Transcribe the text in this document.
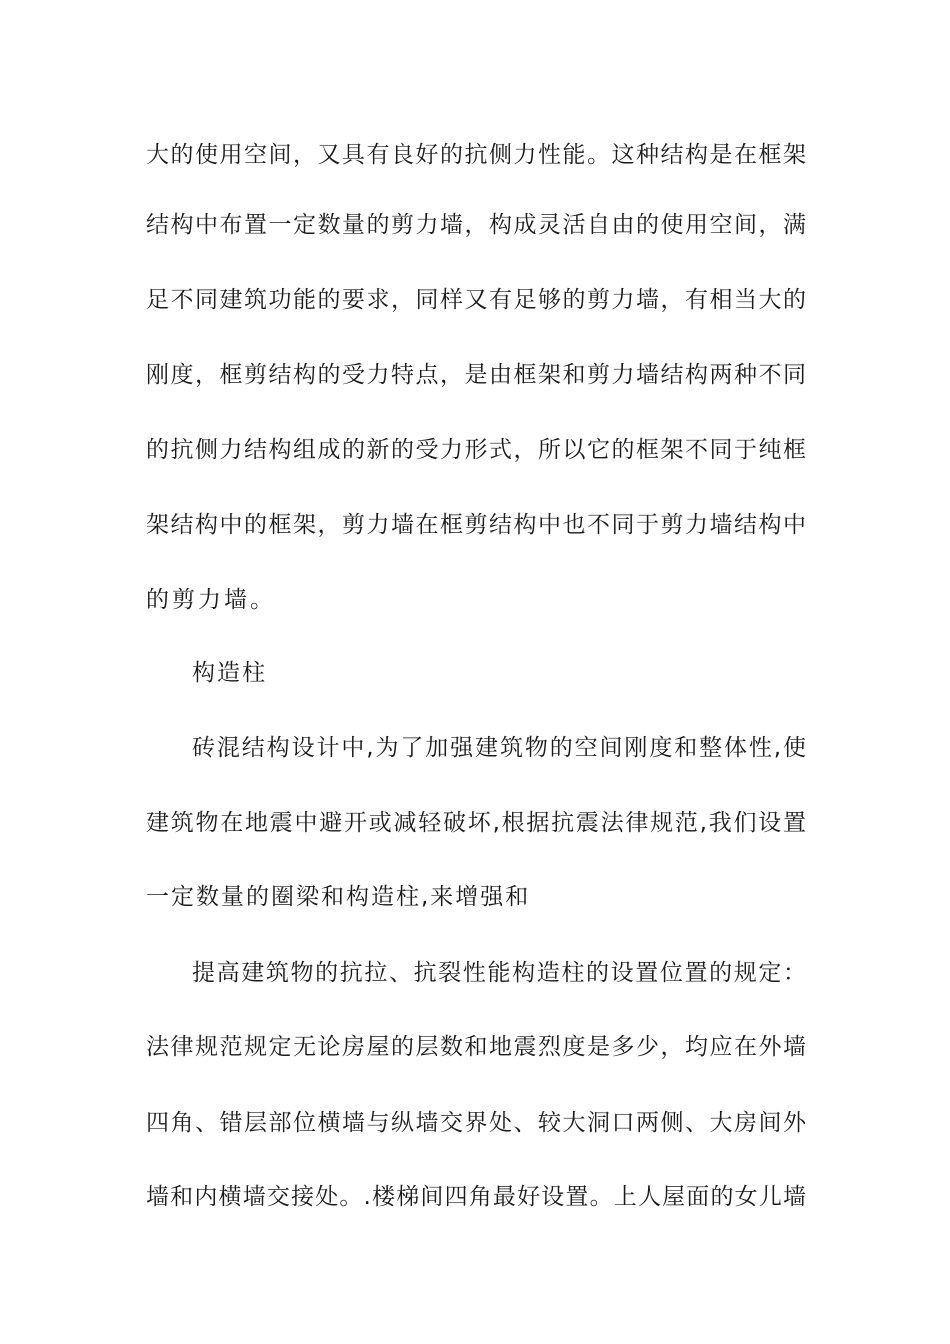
大的使用空间，又具有良好的抗侧力性能。这种结构是在框架
结构中布置一定数量的剪力墙，构成灵活自由的使用空间，满
足不同建筑功能的要求，同样又有足够的剪力墙，有相当大的
刚度，框剪结构的受力特点，是由框架和剪力墙结构两种不同
的抗侧力结构组成的新的受力形式，所以它的框架不同于纯框
架结构中的框架，剪力墙在框剪结构中也不同于剪力墙结构中
的剪力墙。
构造柱
砖混结构设计中,为了加强建筑物的空间刚度和整体性,使
建筑物在地震中避开或减轻破坏,根据抗震法律规范,我们设置
一定数量的圈梁和构造柱,来增强和
提高建筑物的抗拉、抗裂性能构造柱的设置位置的规定：
法律规范规定无论房屋的层数和地震烈度是多少，均应在外墙
四角、错层部位横墙与纵墙交界处、较大洞口两侧、大房间外
墙和内横墙交接处。.楼梯间四角最好设置。上人屋面的女儿墙
